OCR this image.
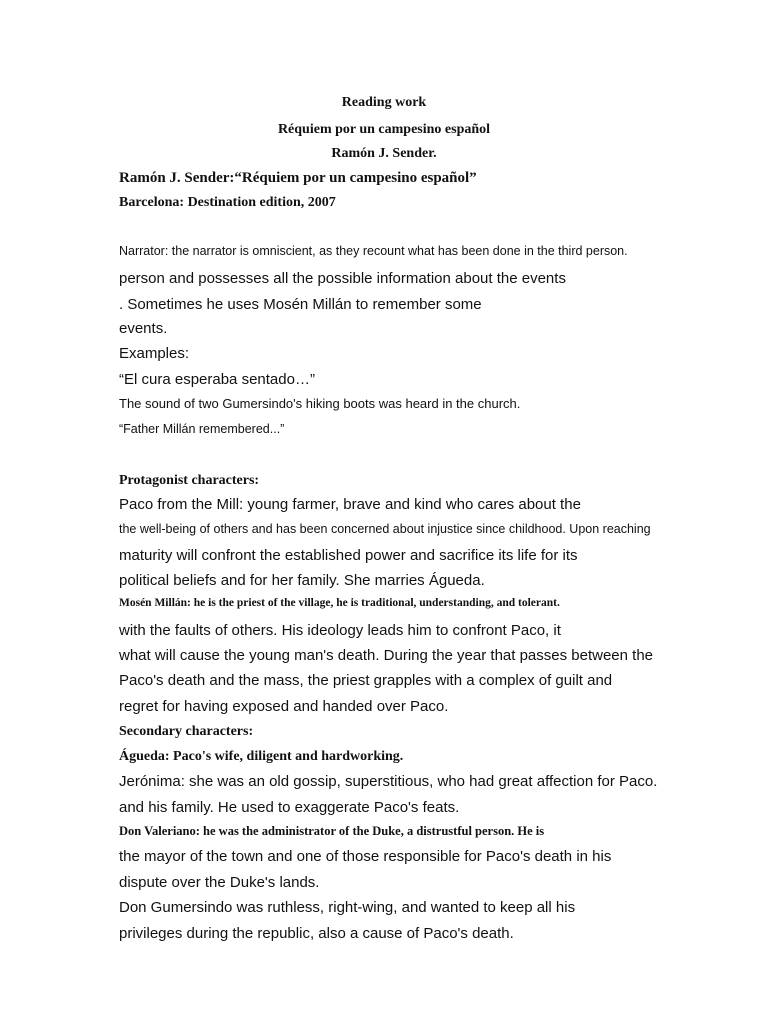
Reading work
Réquiem por un campesino español
Ramón J. Sender.
Ramón J. Sender:“Réquiem por un campesino español”
Barcelona: Destination edition, 2007
Narrator: the narrator is omniscient, as they recount what has been done in the third person.
person and possesses all the possible information about the events
. Sometimes he uses Mosén Millán to remember some
events.
Examples:
“El cura esperaba sentado…”
The sound of two Gumersindo's hiking boots was heard in the church.
“Father Millán remembered...”
Protagonist characters:
Paco from the Mill: young farmer, brave and kind who cares about the
the well-being of others and has been concerned about injustice since childhood. Upon reaching
maturity will confront the established power and sacrifice its life for its
political beliefs and for her family. She marries Águeda.
Mosén Millán: he is the priest of the village, he is traditional, understanding, and tolerant.
with the faults of others. His ideology leads him to confront Paco, it
what will cause the young man's death. During the year that passes between the
Paco's death and the mass, the priest grapples with a complex of guilt and
regret for having exposed and handed over Paco.
Secondary characters:
Águeda: Paco's wife, diligent and hardworking.
Jerónima: she was an old gossip, superstitious, who had great affection for Paco.
and his family. He used to exaggerate Paco's feats.
Don Valeriano: he was the administrator of the Duke, a distrustful person. He is
the mayor of the town and one of those responsible for Paco's death in his
dispute over the Duke's lands.
Don Gumersindo was ruthless, right-wing, and wanted to keep all his
privileges during the republic, also a cause of Paco's death.
